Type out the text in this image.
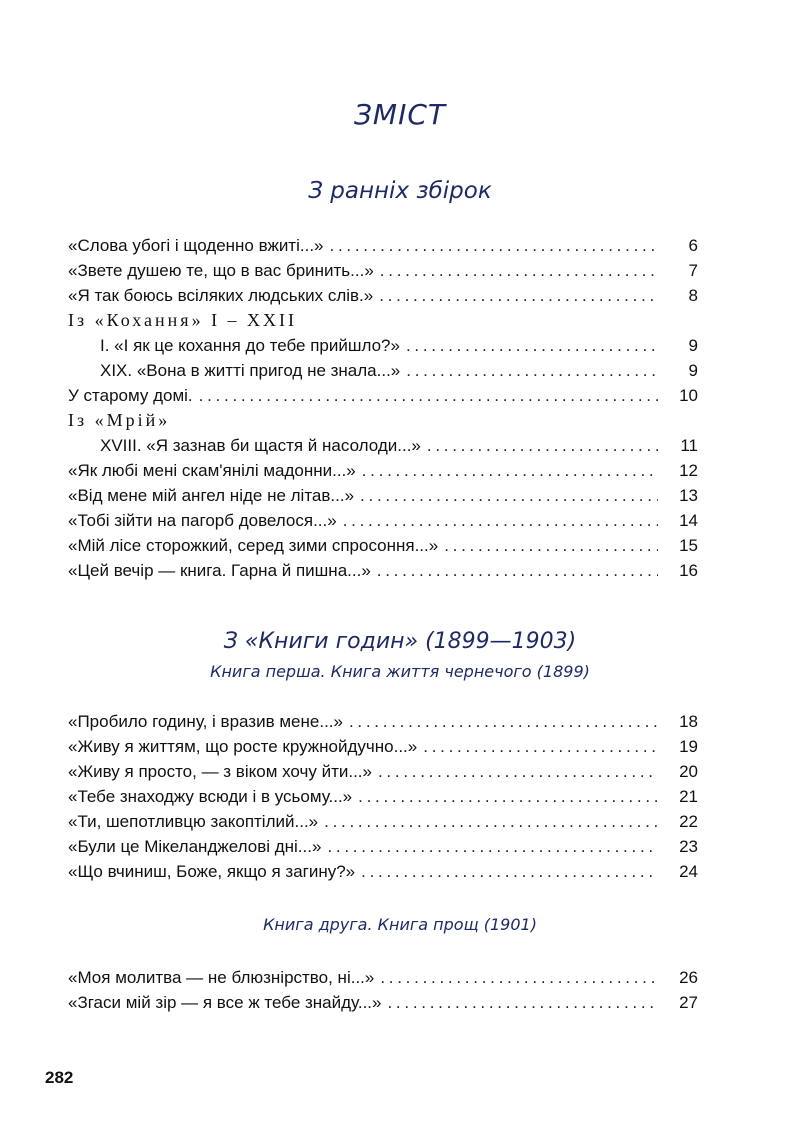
ЗМІСТ
З ранніх збірок
«Слова убогі і щоденно вжиті...» . . .	6
«Звете душею те, що в вас бринить...» . . .	7
«Я так боюсь всіляких людських слів.» . . .	8
Із «Кохання» I – XXII
I. «І як це кохання до тебе прийшло?» . . .	9
XIX. «Вона в житті пригод не знала...» . . .	9
У старому домі. . . .	10
Із «Мрій»
XVIII. «Я зазнав би щастя й насолоди...» . . .	11
«Як любі мені скам'янілі мадонни...» . . .	12
«Від мене мій ангел ніде не літав...» . . .	13
«Тобі зійти на пагорб довелося...» . . .	14
«Мій лісе сторожкий, серед зими спросоння...» . . .	15
«Цей вечір — книга. Гарна й пишна...» . . .	16
З «Книги годин» (1899—1903)
Книга перша. Книга життя чернечого (1899)
«Пробило годину, і вразив мене...» . . .	18
«Живу я життям, що росте кружнойдучно...» . . .	19
«Живу я просто, — з віком хочу йти...» . . .	20
«Тебе знаходжу всюди і в усьому...» . . .	21
«Ти, шепотливцю закоптілий...» . . .	22
«Були це Мікеланджелові дні...» . . .	23
«Що вчиниш, Боже, якщо я загину?» . . .	24
Книга друга. Книга прощ (1901)
«Моя молитва — не блюзнірство, ні...» . . .	26
«Згаси мій зір — я все ж тебе знайду...» . . .	27
282
